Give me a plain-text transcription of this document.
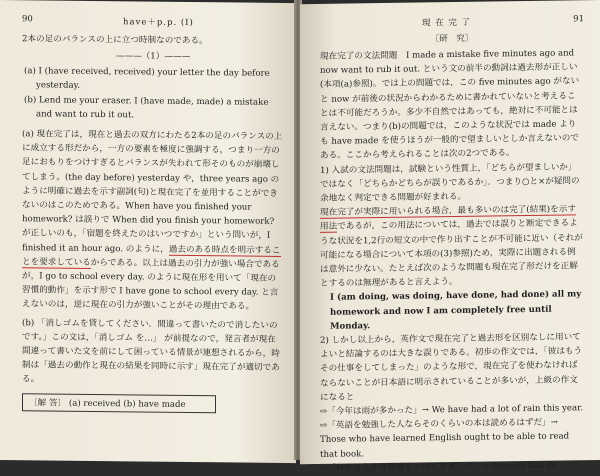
90	have＋p.p. (I)

2本の足のバランスの上に立つ時制なのである。

———（1）———

(a) I (have received, received) your letter the day before yesterday.

(b) Lend me your eraser. I (have made, made) a mistake and want to rub it out.

(a) 現在完了は，現在と過去の双方にわたる2本の足のバランスの上に成立する形だから，一方の要素を極度に強調する，つまり一方の足におもりをつけすぎるとバランスが失われて形そのものが崩壊してしまう。(the day before) yesterday や，three years ago のように明確に過去を示す副詞(句)と現在完了を並用することができないのはこのためである。When have you finished your homework? は誤りで When did you finish your homework? が正しいのも，「宿題を終えたのはいつですか」という問いが，I finished it an hour ago. のように，過去のある時点を明示することを要求しているからである。以上は過去の引力が強い場合であるが，I go to school every day. のように現在形を用いて「現在の習慣的動作」を示す形で I have gone to school every day. と言えないのは，逆に現在の引力が強いことがその理由である。

(b) 「消しゴムを貸してください．間違って書いたので消したいのです。」この文は，「消しゴム を…」 が前提なので，発言者が現在間違って書いた文を前にして困っている情景が連想されるから，時制は「過去の動作と現在の結果を同時に示す」現在完了が適切である。

〔解 答〕 (a) received (b) have made
現 在 完 了	91
〔研　究〕

現在完了の文法問題　I made a mistake five minutes ago and now want to rub it out. という文の前半の動詞は過去形が正しい(本項(a)参照)。では上の問題では，この five minutes ago がないと now が前後の状況からわかるために書かれていないと考えることは不可能だろうか。多少不自然ではあっても，絶対に不可能とは言えない。つまり(b)の問題では，このような状況では made よりも have made を使うほうが一般的で望ましいとしか言えないのである。ここから考えられることは次の2つである。

1) 入試の文法問題は，試験という性質上，「どちらが望ましいか」ではなく「どちらかどちらが誤りであるか」．つまり○と×が疑問の余地なく判定できる問題が好まれる。

現在完了が実際に用いられる場合，最も多いのは完了(結果)を示す用法であるが，この用法については，過去では誤りと断定できるような状況を1,2行の短文の中で作り出すことが不可能に近い（それが可能になる場合について本項の(3)参照)ため，実際に出題される例は意外に少ない。たとえば次のような問題も現在完了形だけを正解とするのは無理があると言えよう。

I (am doing, was doing, have done, had done) all my homework and now I am completely free until Monday.

2) しかし以上から，英作文で現在完了と過去形を区別なしに用いてよいと結論するのは大きな誤りである。初歩の作文では，「彼はもうその仕事をしてしまった」のような形で，現在完了を使わなければならないことが日本語に明示されていることが多いが，上級の作文になると

⇨「今年は雨が多かった」→ We have had a lot of rain this year.

⇨「英語を勉強した人ならそのくらいの本は読めるはずだ」→ Those who have learned English ought to be able to read that book.

⇨「科学は大きな発達をとげてきました」→ Science has de-
